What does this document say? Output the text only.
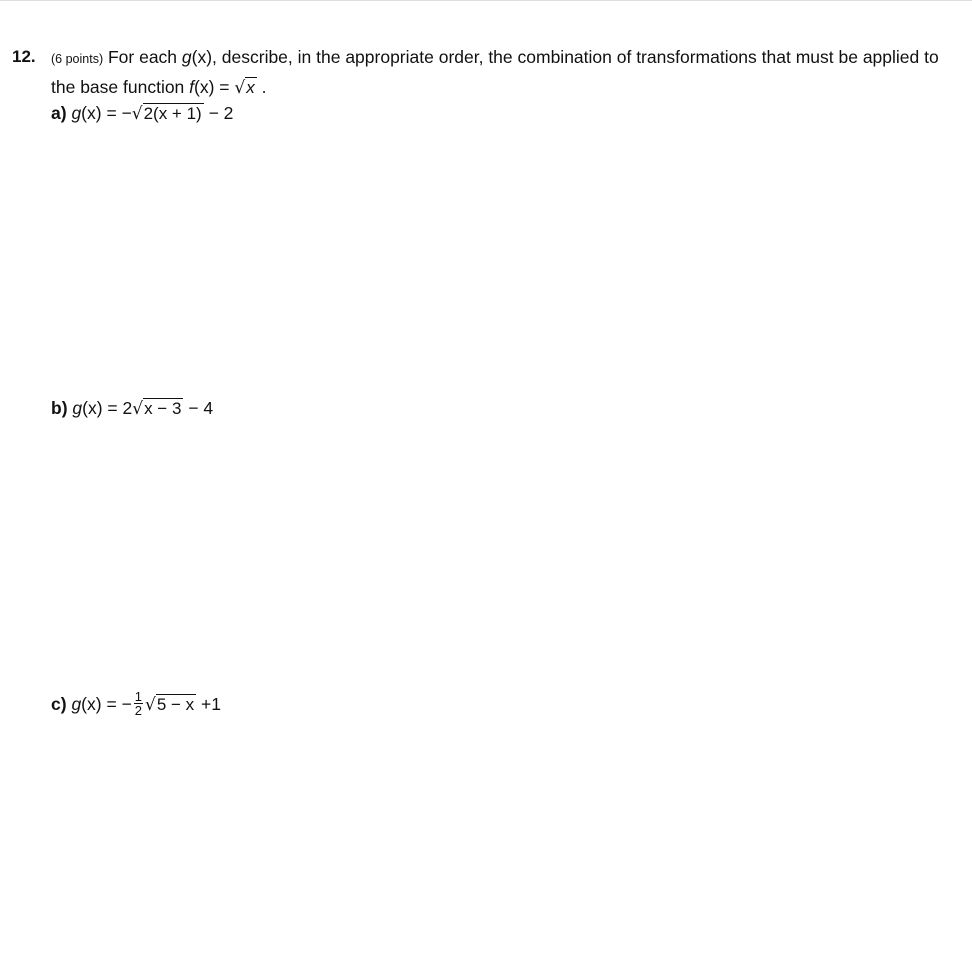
12. (6 points) For each g(x), describe, in the appropriate order, the combination of transformations that must be applied to the base function f(x) = √x .
a) g(x) = −√2(x + 1) − 2
b) g(x) = 2√x − 3 − 4
c) g(x) = − $\frac{1}{2} √5 - x +1$
